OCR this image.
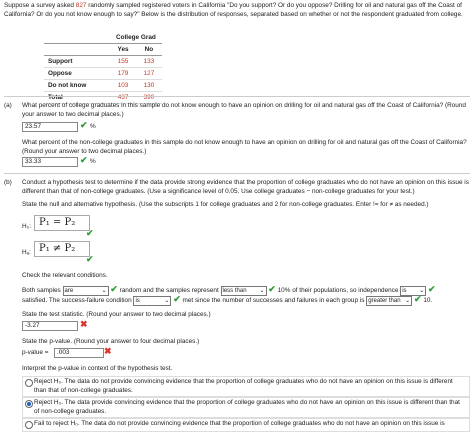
Suppose a survey asked 827 randomly sampled registered voters in California "Do you support? Or do you oppose? Drilling for oil and natural gas off the Coast of California? Or do you not know enough to say?" Below is the distribution of responses, separated based on whether or not the respondent graduated from college.
	College Grad	
	Yes	No
Support	155	133
Oppose	179	127
Do not know	103	130
Total	437	390
(a) What percent of college graduates in this sample do not know enough to have an opinion on drilling for oil and natural gas off the Coast of California? (Round your answer to two decimal places.)
23.57	✔ %
What percent of the non-college graduates in this sample do not know enough to have an opinion on drilling for oil and natural gas off the Coast of California? (Round your answer to two decimal places.)
33.33	✔ %
(b) Conduct a hypothesis test to determine if the data provide strong evidence that the proportion of college graduates who do not have an opinion on this issue is different than that of non-college graduates. (Use a significance level of 0.05. Use college graduates − non-college graduates for your test.)
State the null and alternative hypothesis. (Use the subscripts 1 for college graduates and 2 for non-college graduates. Enter != for ≠ as needed.)
H₀: P₁ = P₂
✔
Hₐ: P₁ ≠ P₂
✔
Check the relevant conditions.
Both samples are	⌄ ✔ random and the samples represent less than ⌄ ✔ 10% of their populations, so independence is ⌄ ✔
satisfied. The success-failure condition is	⌄ ✔ met since the number of successes and failures in each group is greater than ⌄ ✔ 10.
State the test statistic. (Round your answer to two decimal places.)
-3.27	✖
State the p-value. (Round your answer to four decimal places.)
p-value =	.003	✖
Interpret the p-value in context of the hypothesis test.
Reject H₀. The data do not provide convincing evidence that the proportion of college graduates who do not have an opinion on this issue is different than that of non-college graduates.
Reject H₀. The data provide convincing evidence that the proportion of college graduates who do not have an opinion on this issue is different than that of non-college graduates.
Fail to reject H₀. The data do not provide convincing evidence that the proportion of college graduates who do not have an opinion on this issue is
